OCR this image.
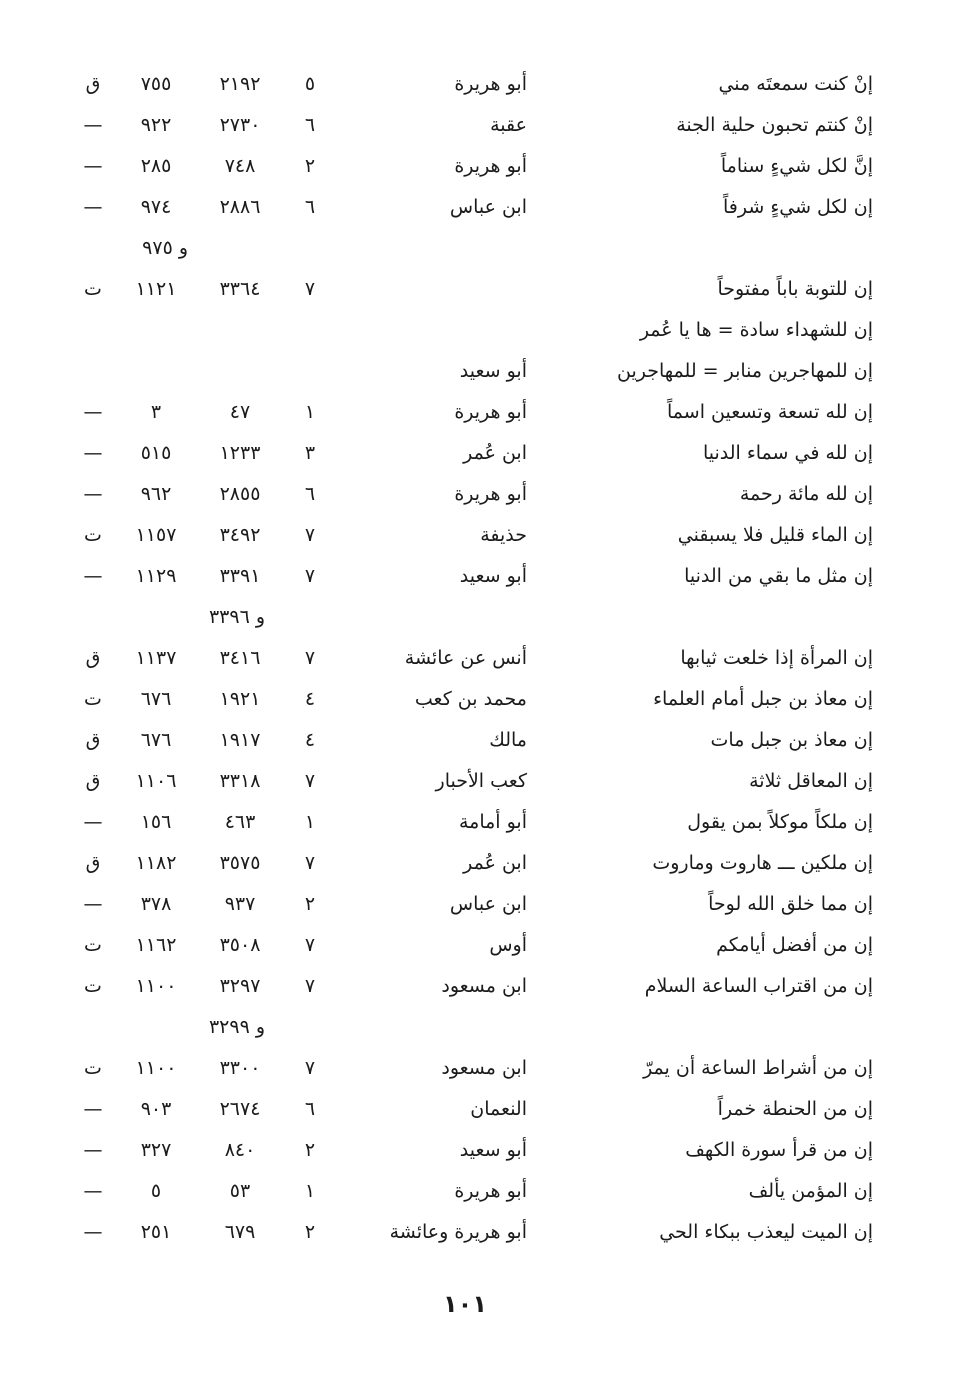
إنْ كنت سمعتَه مني
أبو هريرة
٥
٢١٩٢
٧٥٥
ق
إنْ كنتم تحبون حلية الجنة
عقبة
٦
٢٧٣٠
٩٢٢
—
إنَّ لكل شيءٍ سناماً
أبو هريرة
٢
٧٤٨
٢٨٥
—
إن لكل شيءٍ شرفاً
ابن عباس
٦
٢٨٨٦
٩٧٤
—
و ٩٧٥
إن للتوبة باباً مفتوحاً
٧
٣٣٦٤
١١٢١
ت
إن للشهداء سادة = ها يا عُمر
إن للمهاجرين منابر = للمهاجرين
أبو سعيد
إن لله تسعة وتسعين اسماً
أبو هريرة
١
٤٧
٣
—
إن لله في سماء الدنيا
ابن عُمر
٣
١٢٣٣
٥١٥
—
إن لله مائة رحمة
أبو هريرة
٦
٢٨٥٥
٩٦٢
—
إن الماء قليل فلا يسبقني
حذيفة
٧
٣٤٩٢
١١٥٧
ت
إن مثل ما بقي من الدنيا
أبو سعيد
٧
٣٣٩١
١١٢٩
—
و ٣٣٩٦
إن المرأة إذا خلعت ثيابها
أنس عن عائشة
٧
٣٤١٦
١١٣٧
ق
إن معاذ بن جبل أمام العلماء
محمد بن كعب
٤
١٩٢١
٦٧٦
ت
إن معاذ بن جبل مات
مالك
٤
١٩١٧
٦٧٦
ق
إن المعاقل ثلاثة
كعب الأحبار
٧
٣٣١٨
١١٠٦
ق
إن ملكاً موكلاً بمن يقول
أبو أمامة
١
٤٦٣
١٥٦
—
إن ملكين ـــ هاروت وماروت
ابن عُمر
٧
٣٥٧٥
١١٨٢
ق
إن مما خلق الله لوحاً
ابن عباس
٢
٩٣٧
٣٧٨
—
إن من أفضل أيامكم
أوس
٧
٣٥٠٨
١١٦٢
ت
إن من اقتراب الساعة السلام
ابن مسعود
٧
٣٢٩٧
١١٠٠
ت
و ٣٢٩٩
إن من أشراط الساعة أن يمرّ
ابن مسعود
٧
٣٣٠٠
١١٠٠
ت
إن من الحنطة خمراً
النعمان
٦
٢٦٧٤
٩٠٣
—
إن من قرأ سورة الكهف
أبو سعيد
٢
٨٤٠
٣٢٧
—
إن المؤمن يألف
أبو هريرة
١
٥٣
٥
—
إن الميت ليعذب ببكاء الحي
أبو هريرة وعائشة
٢
٦٧٩
٢٥١
—
١٠١
